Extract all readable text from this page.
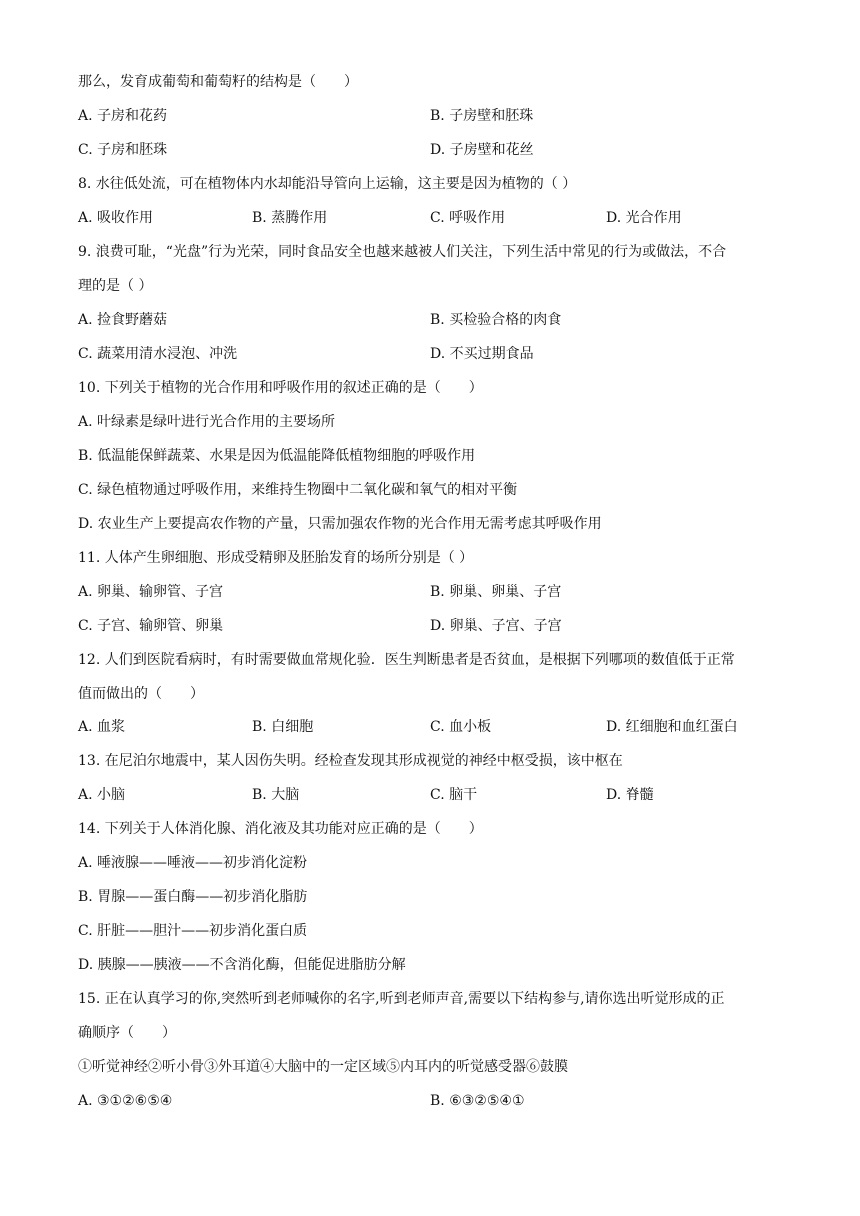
那么，发育成葡萄和葡萄籽的结构是（　　）
A. 子房和花药	B. 子房壁和胚珠
C. 子房和胚珠	D. 子房壁和花丝
8. 水往低处流，可在植物体内水却能沿导管向上运输，这主要是因为植物的（ ）
A. 吸收作用	B. 蒸腾作用	C. 呼吸作用	D. 光合作用
9. 浪费可耻，“光盘”行为光荣，同时食品安全也越来越被人们关注，下列生活中常见的行为或做法，不合
理的是（ ）
A. 捡食野蘑菇	B. 买检验合格的肉食
C. 蔬菜用清水浸泡、冲洗	D. 不买过期食品
10. 下列关于植物的光合作用和呼吸作用的叙述正确的是（　　）
A. 叶绿素是绿叶进行光合作用的主要场所
B. 低温能保鲜蔬菜、水果是因为低温能降低植物细胞的呼吸作用
C. 绿色植物通过呼吸作用，来维持生物圈中二氧化碳和氧气的相对平衡
D. 农业生产上要提高农作物的产量，只需加强农作物的光合作用无需考虑其呼吸作用
11. 人体产生卵细胞、形成受精卵及胚胎发育的场所分别是（ ）
A. 卵巢、输卵管、子宫	B. 卵巢、卵巢、子宫
C. 子宫、输卵管、卵巢	D. 卵巢、子宫、子宫
12. 人们到医院看病时，有时需要做血常规化验．医生判断患者是否贫血，是根据下列哪项的数值低于正常
值而做出的（　　）
A. 血浆	B. 白细胞	C. 血小板	D. 红细胞和血红蛋白
13. 在尼泊尔地震中，某人因伤失明。经检查发现其形成视觉的神经中枢受损，该中枢在
A. 小脑	B. 大脑	C. 脑干	D. 脊髓
14. 下列关于人体消化腺、消化液及其功能对应正确的是（　　）
A. 唾液腺——唾液——初步消化淀粉
B. 胃腺——蛋白酶——初步消化脂肪
C. 肝脏——胆汁——初步消化蛋白质
D. 胰腺——胰液——不含消化酶，但能促进脂肪分解
15. 正在认真学习的你,突然听到老师喊你的名字,听到老师声音,需要以下结构参与,请你选出听觉形成的正
确顺序（　　）
①听觉神经②听小骨③外耳道④大脑中的一定区域⑤内耳内的听觉感受器⑥鼓膜
A. ③①②⑥⑤④	B. ⑥③②⑤④①
